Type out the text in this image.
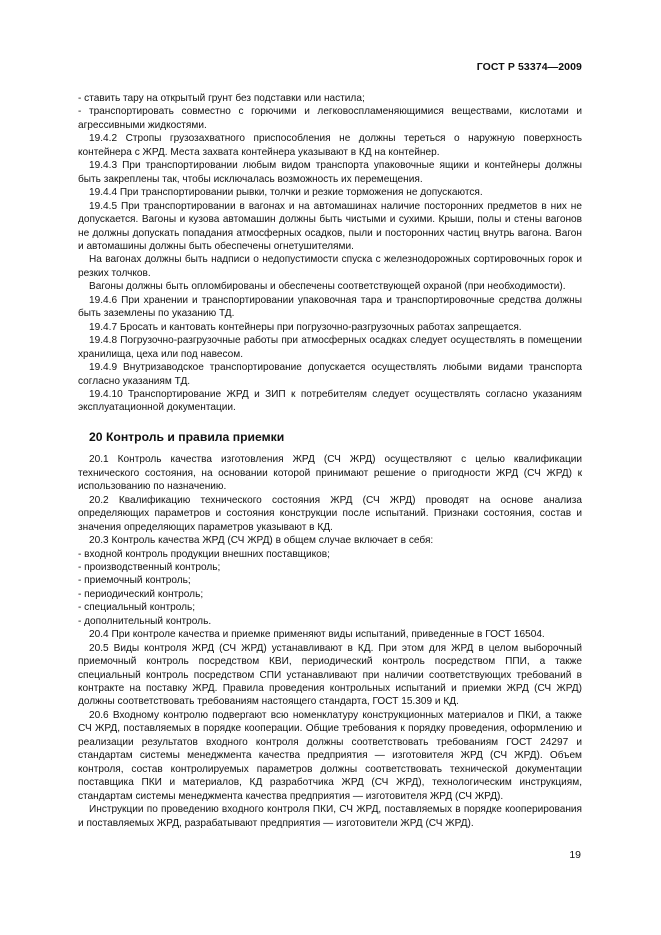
ГОСТ Р 53374—2009

- ставить тару на открытый грунт без подставки или настила;

- транспортировать совместно с горючими и легковоспламеняющимися веществами, кислотами и агрессивными жидкостями.

19.4.2 Стропы грузозахватного приспособления не должны тереться о наружную поверхность контейнера с ЖРД. Места захвата контейнера указывают в КД на контейнер.

19.4.3 При транспортировании любым видом транспорта упаковочные ящики и контейнеры должны быть закреплены так, чтобы исключалась возможность их перемещения.

19.4.4 При транспортировании рывки, толчки и резкие торможения не допускаются.

19.4.5 При транспортировании в вагонах и на автомашинах наличие посторонних предметов в них не допускается. Вагоны и кузова автомашин должны быть чистыми и сухими. Крыши, полы и стены вагонов не должны допускать попадания атмосферных осадков, пыли и посторонних частиц внутрь вагона. Вагон и автомашины должны быть обеспечены огнетушителями.

На вагонах должны быть надписи о недопустимости спуска с железнодорожных сортировочных горок и резких толчков.

Вагоны должны быть опломбированы и обеспечены соответствующей охраной (при необходимости).

19.4.6 При хранении и транспортировании упаковочная тара и транспортировочные средства должны быть заземлены по указанию ТД.

19.4.7 Бросать и кантовать контейнеры при погрузочно-разгрузочных работах запрещается.

19.4.8 Погрузочно-разгрузочные работы при атмосферных осадках следует осуществлять в помещении хранилища, цеха или под навесом.

19.4.9 Внутризаводское транспортирование допускается осуществлять любыми видами транспорта согласно указаниям ТД.

19.4.10 Транспортирование ЖРД и ЗИП к потребителям следует осуществлять согласно указаниям эксплуатационной документации.

20 Контроль и правила приемки

20.1 Контроль качества изготовления ЖРД (СЧ ЖРД) осуществляют с целью квалификации технического состояния, на основании которой принимают решение о пригодности ЖРД (СЧ ЖРД) к использованию по назначению.

20.2 Квалификацию технического состояния ЖРД (СЧ ЖРД) проводят на основе анализа определяющих параметров и состояния конструкции после испытаний. Признаки состояния, состав и значения определяющих параметров указывают в КД.

20.3 Контроль качества ЖРД (СЧ ЖРД) в общем случае включает в себя:

- входной контроль продукции внешних поставщиков;

- производственный контроль;

- приемочный контроль;

- периодический контроль;

- специальный контроль;

- дополнительный контроль.

20.4 При контроле качества и приемке применяют виды испытаний, приведенные в ГОСТ 16504.

20.5 Виды контроля ЖРД (СЧ ЖРД) устанавливают в КД. При этом для ЖРД в целом выборочный приемочный контроль посредством КВИ, периодический контроль посредством ППИ, а также специальный контроль посредством СПИ устанавливают при наличии соответствующих требований в контракте на поставку ЖРД. Правила проведения контрольных испытаний и приемки ЖРД (СЧ ЖРД) должны соответствовать требованиям настоящего стандарта, ГОСТ 15.309 и КД.

20.6 Входному контролю подвергают всю номенклатуру конструкционных материалов и ПКИ, а также СЧ ЖРД, поставляемых в порядке кооперации. Общие требования к порядку проведения, оформлению и реализации результатов входного контроля должны соответствовать требованиям ГОСТ 24297 и стандартам системы менеджмента качества предприятия — изготовителя ЖРД (СЧ ЖРД). Объем контроля, состав контролируемых параметров должны соответствовать технической документации поставщика ПКИ и материалов, КД разработчика ЖРД (СЧ ЖРД), технологическим инструкциям, стандартам системы менеджмента качества предприятия — изготовителя ЖРД (СЧ ЖРД).

Инструкции по проведению входного контроля ПКИ, СЧ ЖРД, поставляемых в порядке кооперирования и поставляемых ЖРД, разрабатывают предприятия — изготовители ЖРД (СЧ ЖРД).

19
